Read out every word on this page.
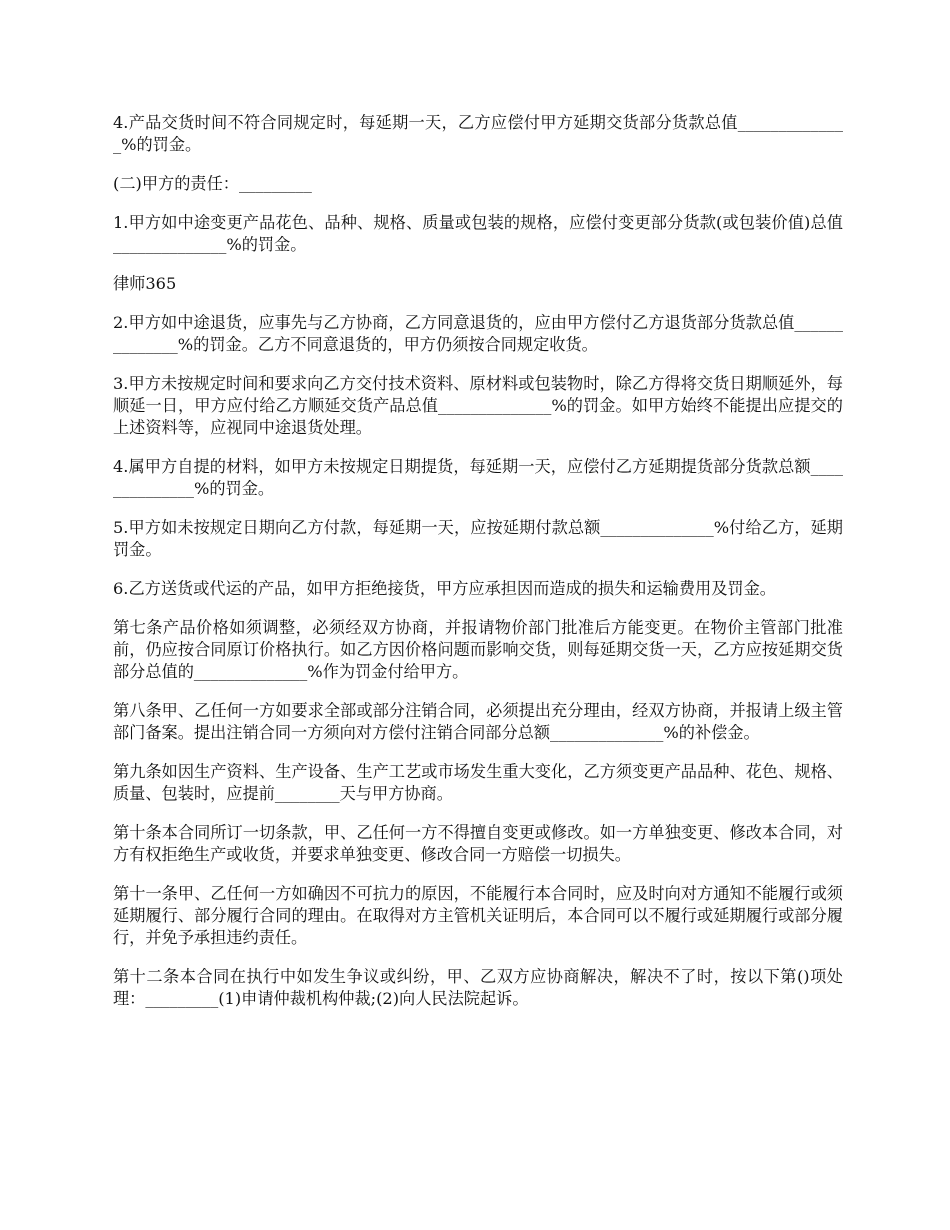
4.产品交货时间不符合同规定时，每延期一天，乙方应偿付甲方延期交货部分货款总值______________%的罚金。

(二)甲方的责任：_________

1.甲方如中途变更产品花色、品种、规格、质量或包装的规格，应偿付变更部分货款(或包装价值)总值______________%的罚金。

律师365

2.甲方如中途退货，应事先与乙方协商，乙方同意退货的，应由甲方偿付乙方退货部分货款总值______________%的罚金。乙方不同意退货的，甲方仍须按合同规定收货。

3.甲方未按规定时间和要求向乙方交付技术资料、原材料或包装物时，除乙方得将交货日期顺延外，每顺延一日，甲方应付给乙方顺延交货产品总值______________%的罚金。如甲方始终不能提出应提交的上述资料等，应视同中途退货处理。

4.属甲方自提的材料，如甲方未按规定日期提货，每延期一天，应偿付乙方延期提货部分货款总额______________%的罚金。

5.甲方如未按规定日期向乙方付款，每延期一天，应按延期付款总额______________%付给乙方，延期罚金。

6.乙方送货或代运的产品，如甲方拒绝接货，甲方应承担因而造成的损失和运输费用及罚金。

第七条产品价格如须调整，必须经双方协商，并报请物价部门批准后方能变更。在物价主管部门批准前，仍应按合同原订价格执行。如乙方因价格问题而影响交货，则每延期交货一天，乙方应按延期交货部分总值的______________%作为罚金付给甲方。

第八条甲、乙任何一方如要求全部或部分注销合同，必须提出充分理由，经双方协商，并报请上级主管部门备案。提出注销合同一方须向对方偿付注销合同部分总额______________%的补偿金。

第九条如因生产资料、生产设备、生产工艺或市场发生重大变化，乙方须变更产品品种、花色、规格、质量、包装时，应提前________天与甲方协商。

第十条本合同所订一切条款，甲、乙任何一方不得擅自变更或修改。如一方单独变更、修改本合同，对方有权拒绝生产或收货，并要求单独变更、修改合同一方赔偿一切损失。

第十一条甲、乙任何一方如确因不可抗力的原因，不能履行本合同时，应及时向对方通知不能履行或须延期履行、部分履行合同的理由。在取得对方主管机关证明后，本合同可以不履行或延期履行或部分履行，并免予承担违约责任。

第十二条本合同在执行中如发生争议或纠纷，甲、乙双方应协商解决，解决不了时，按以下第()项处理：_________(1)申请仲裁机构仲裁;(2)向人民法院起诉。
